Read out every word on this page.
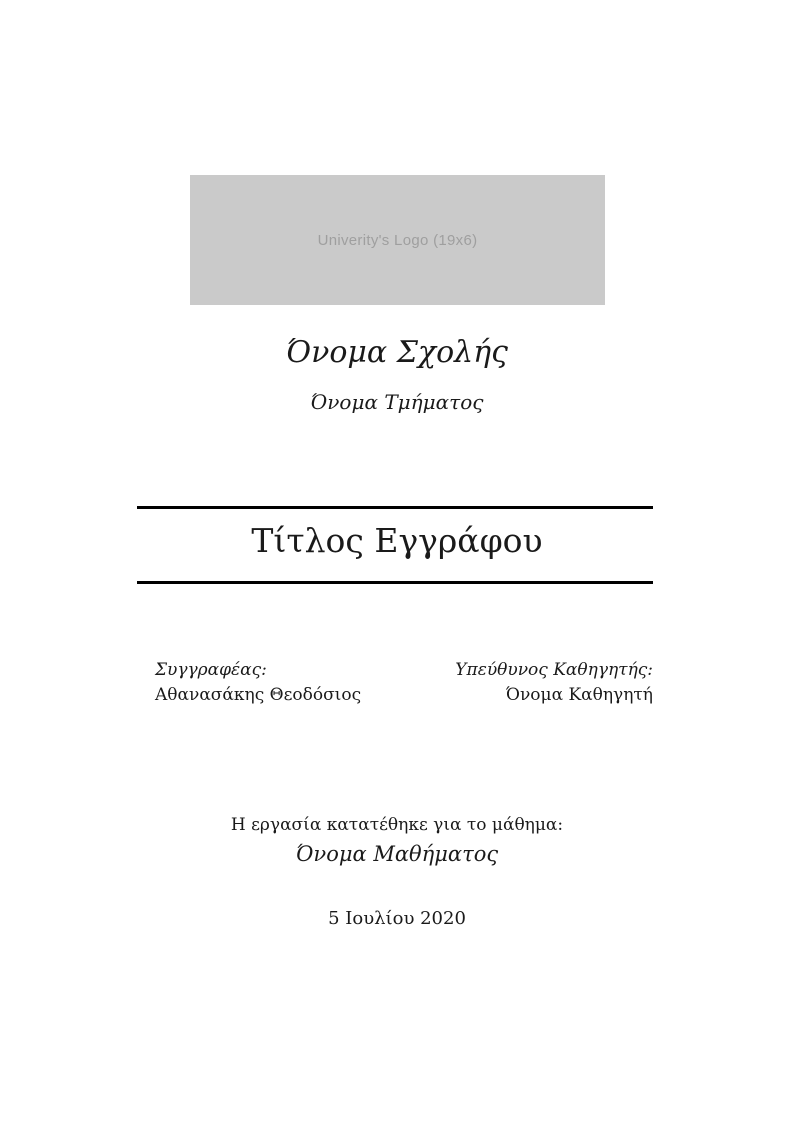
Univerity's Logo (19x6)
Όνομα Σχολής
Όνομα Τμήματος
Τίτλος Εγγράφου
Συγγραφέας:
Αθανασάκης Θεοδόσιος
Υπεύθυνος Καθηγητής:
Όνομα Καθηγητή
Η εργασία κατατέθηκε για το μάθημα:
Όνομα Μαθήματος
5 Ιουλίου 2020
